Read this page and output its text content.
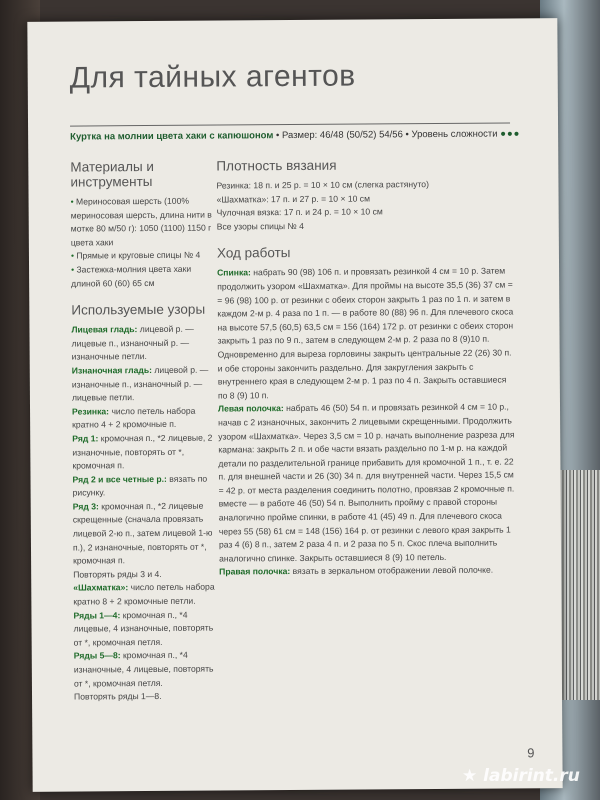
Для тайных агентов
Куртка на молнии цвета хаки с капюшоном • Размер: 46/48 (50/52) 54/56 • Уровень сложности ●●●
Материалы и инструменты

• Мериносовая шерсть (100% мериносовая шерсть, длина нити в мотке 80 м/50 г): 1050 (1100) 1150 г цвета хаки

• Прямые и круговые спицы № 4

• Застежка-молния цвета хаки длиной 60 (60) 65 см

Используемые узоры

Лицевая гладь: лицевой р. — лицевые п., изнаночный р. — изнаночные петли.

Изнаночная гладь: лицевой р. — изнаночные п., изнаночный р. — лицевые петли.

Резинка: число петель набора кратно 4 + 2 кромочные п.

Ряд 1: кромочная п., *2 лицевые, 2 изнаночные, повторять от *, кромочная п.

Ряд 2 и все четные р.: вязать по рисунку.

Ряд 3: кромочная п., *2 лицевые скрещенные (сначала провязать лицевой 2-ю п., затем лицевой 1-ю п.), 2 изнаночные, повторять от *, кромочная п.

Повторять ряды 3 и 4.

«Шахматка»: число петель набора кратно 8 + 2 кромочные петли.

Ряды 1—4: кромочная п., *4 лицевые, 4 изнаночные, повторять от *, кромочная петля.

Ряды 5—8: кромочная п., *4 изнаночные, 4 лицевые, повторять от *, кромочная петля.

Повторять ряды 1—8.

Плотность вязания

Резинка: 18 п. и 25 р. = 10 × 10 см (слегка растянуто)

«Шахматка»: 17 п. и 27 р. = 10 × 10 см

Чулочная вязка: 17 п. и 24 р. = 10 × 10 см

Все узоры спицы № 4

Ход работы

Спинка: набрать 90 (98) 106 п. и провязать резинкой 4 см = 10 р. Затем продолжить узором «Шахматка». Для проймы на высоте 35,5 (36) 37 см = = 96 (98) 100 р. от резинки с обеих сторон закрыть 1 раз по 1 п. и затем в каждом 2-м р. 4 раза по 1 п. — в работе 80 (88) 96 п. Для плечевого скоса на высоте 57,5 (60,5) 63,5 см = 156 (164) 172 р. от резинки с обеих сторон закрыть 1 раз по 9 п., затем в следующем 2-м р. 2 раза по 8 (9)10 п. Одновременно для выреза горловины закрыть центральные 22 (26) 30 п. и обе стороны закончить раздельно. Для закругления закрыть с внутреннего края в следующем 2-м р. 1 раз по 4 п. Закрыть оставшиеся по 8 (9) 10 п.

Левая полочка: набрать 46 (50) 54 п. и провязать резинкой 4 см = 10 р., начав с 2 изнаночных, закончить 2 лицевыми скрещенными. Продолжить узором «Шахматка». Через 3,5 см = 10 р. начать выполнение разреза для кармана: закрыть 2 п. и обе части вязать раздельно по 1-м р. на каждой детали по разделительной границе прибавить для кромочной 1 п., т. е. 22 п. для внешней части и 26 (30) 34 п. для внутренней части. Через 15,5 см = 42 р. от места разделения соединить полотно, провязав 2 кромочные п. вместе — в работе 46 (50) 54 п. Выполнить пройму с правой стороны аналогично пройме спинки, в работе 41 (45) 49 п. Для плечевого скоса через 55 (58) 61 см = 148 (156) 164 р. от резинки с левого края закрыть 1 раз 4 (6) 8 п., затем 2 раза 4 п. и 2 раза по 5 п. Скос плеча выполнить аналогично спинке. Закрыть оставшиеся 8 (9) 10 петель.

Правая полочка: вязать в зеркальном отображении левой полочке.

9
★ labirint.ru
